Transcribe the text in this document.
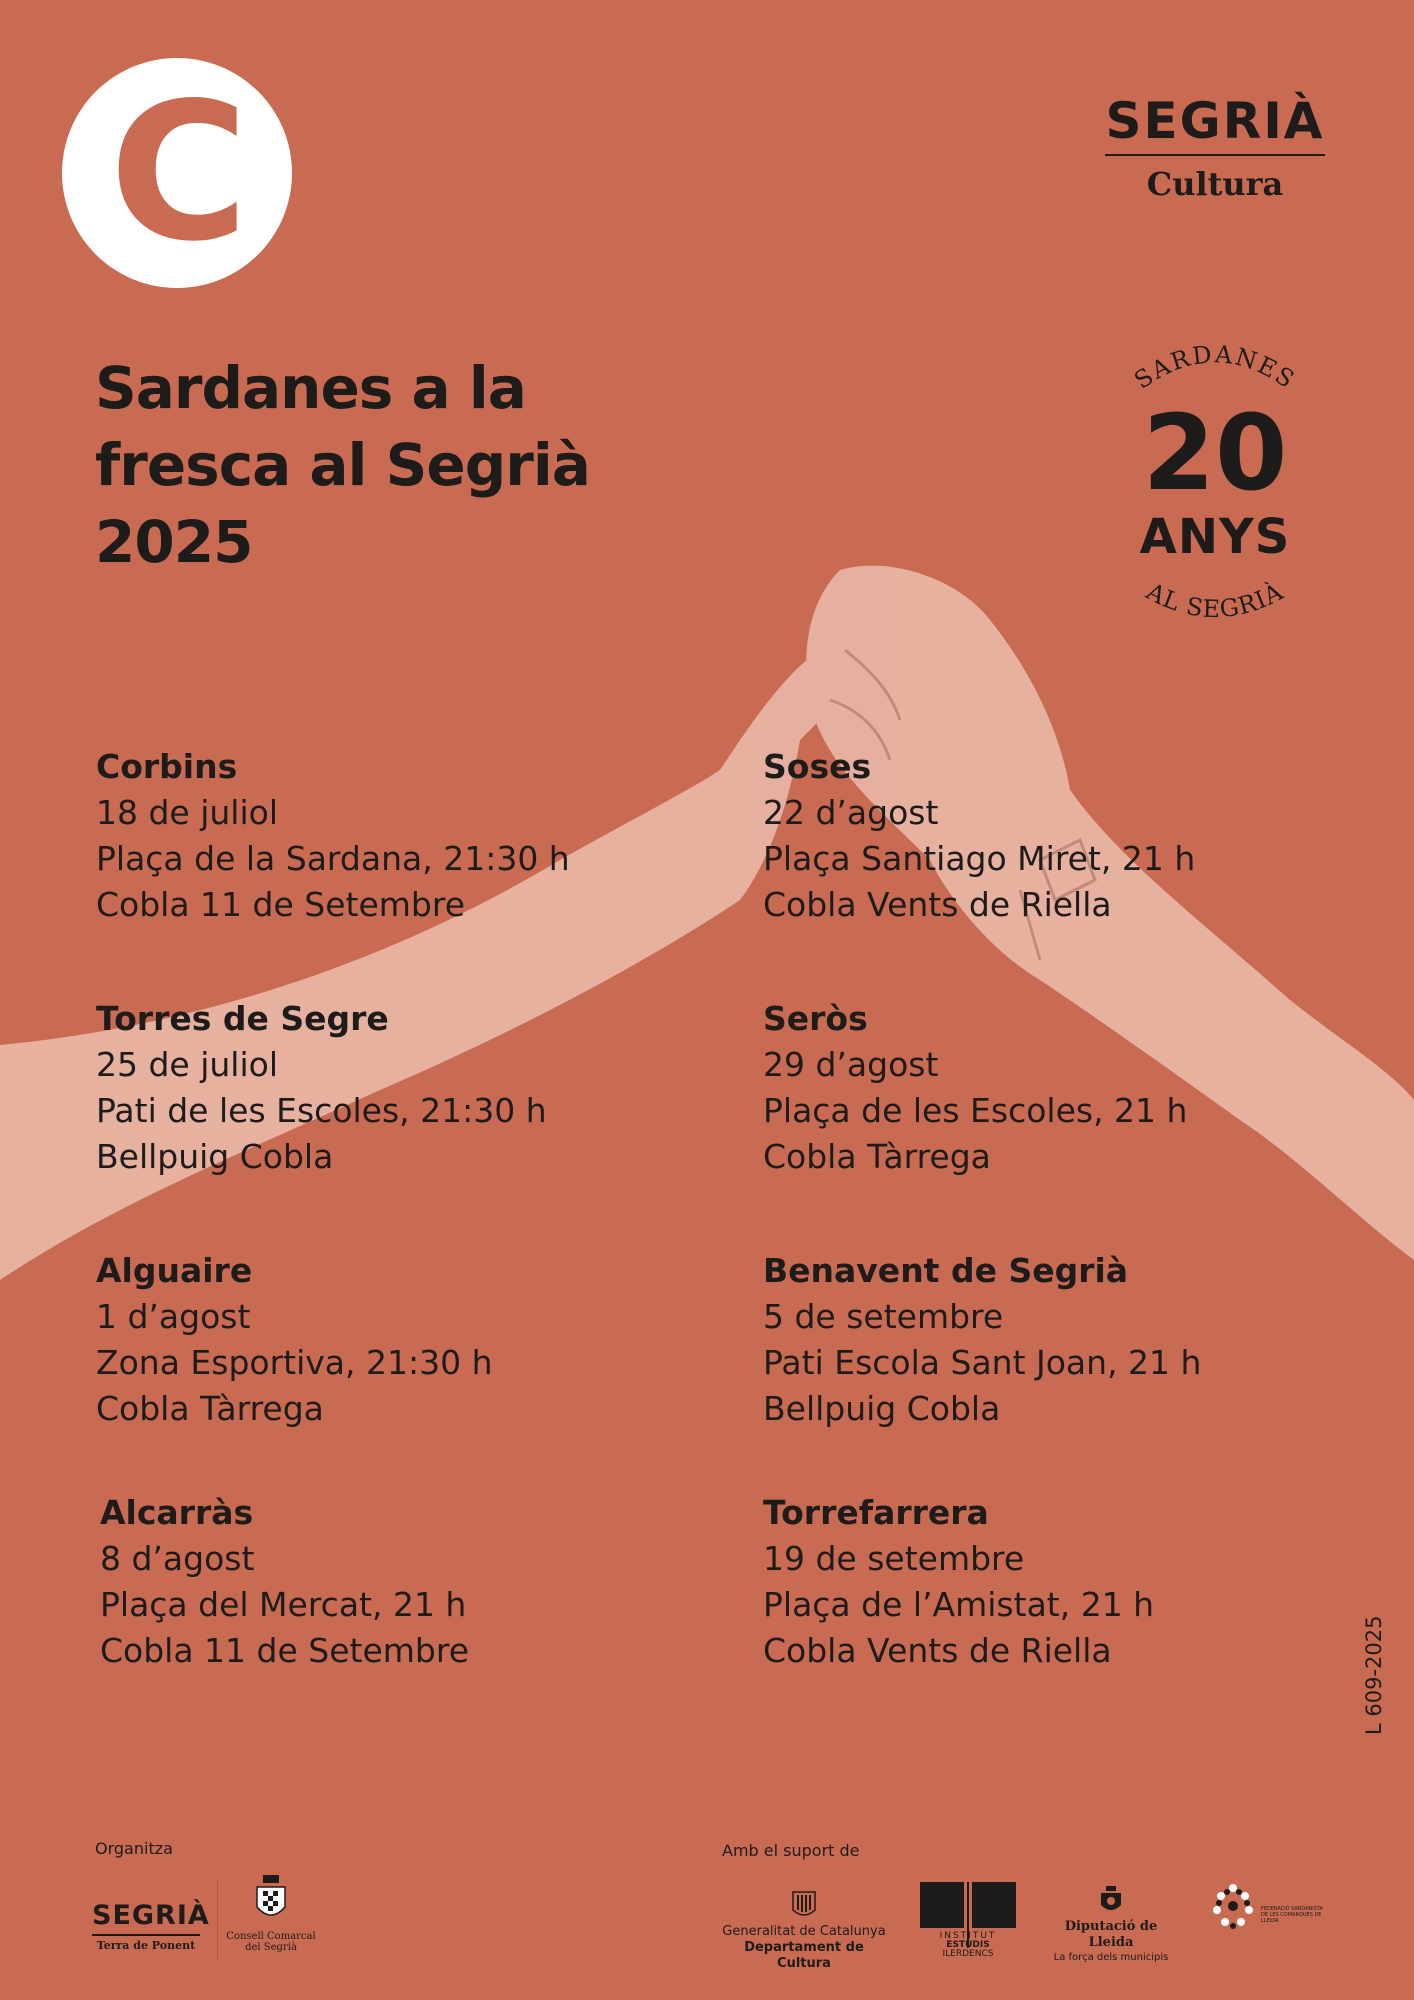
C	SEGRIÀ
Cultura
Sardanes a la
fresca al Segrià
2025
SARDANES
AL SEGRIÀ
20
ANYS
Corbins
18 de juliol
Plaça de la Sardana, 21:30 h
Cobla 11 de Setembre
Torres de Segre
25 de juliol
Pati de les Escoles, 21:30 h
Bellpuig Cobla
Alguaire
1 d’agost
Zona Esportiva, 21:30 h
Cobla Tàrrega
Alcarràs
8 d’agost
Plaça del Mercat, 21 h
Cobla 11 de Setembre
Soses
22 d’agost
Plaça Santiago Miret, 21 h
Cobla Vents de Riella
Seròs
29 d’agost
Plaça de les Escoles, 21 h
Cobla Tàrrega
Benavent de Segrià
5 de setembre
Pati Escola Sant Joan, 21 h
Bellpuig Cobla
Torrefarrera
19 de setembre
Plaça de l’Amistat, 21 h
Cobla Vents de Riella	L 609-2025
Organitza	Amb el suport de
SEGRIÀ
Terra de Ponent
Consell Comarcal del Segrià
Generalitat de Catalunya
Departament de Cultura
INSTITUT
ESTUDIS
ILERDENCS
Diputació de Lleida
La força dels municipis
FEDERACIÓ SARDANISTA DE LES COMARQUES DE LLEIDA
